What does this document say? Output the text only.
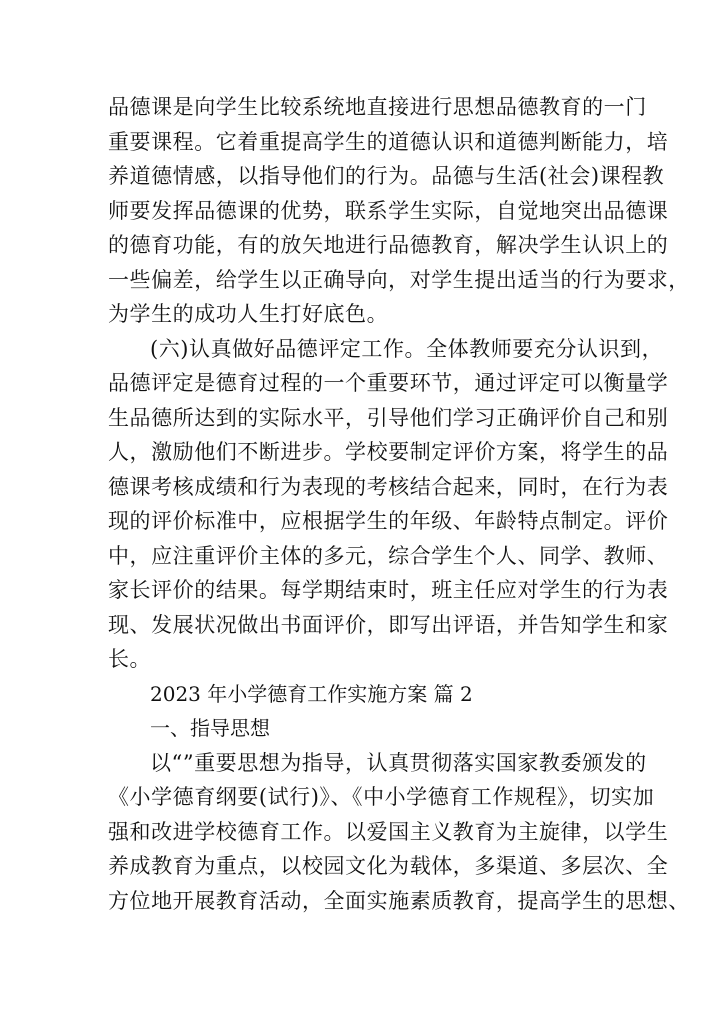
品德课是向学生比较系统地直接进行思想品德教育的一门
重要课程。它着重提高学生的道德认识和道德判断能力，培
养道德情感，以指导他们的行为。品德与生活(社会)课程教
师要发挥品德课的优势，联系学生实际，自觉地突出品德课
的德育功能，有的放矢地进行品德教育，解决学生认识上的
一些偏差，给学生以正确导向，对学生提出适当的行为要求，
为学生的成功人生打好底色。
(六)认真做好品德评定工作。全体教师要充分认识到，
品德评定是德育过程的一个重要环节，通过评定可以衡量学
生品德所达到的实际水平，引导他们学习正确评价自己和别
人，激励他们不断进步。学校要制定评价方案，将学生的品
德课考核成绩和行为表现的考核结合起来，同时，在行为表
现的评价标准中，应根据学生的年级、年龄特点制定。评价
中，应注重评价主体的多元，综合学生个人、同学、教师、
家长评价的结果。每学期结束时，班主任应对学生的行为表
现、发展状况做出书面评价，即写出评语，并告知学生和家
长。
2023 年小学德育工作实施方案 篇 2
一、指导思想
以“”重要思想为指导，认真贯彻落实国家教委颁发的
《小学德育纲要(试行)》、《中小学德育工作规程》，切实加
强和改进学校德育工作。以爱国主义教育为主旋律，以学生
养成教育为重点，以校园文化为载体，多渠道、多层次、全
方位地开展教育活动，全面实施素质教育，提高学生的思想、
